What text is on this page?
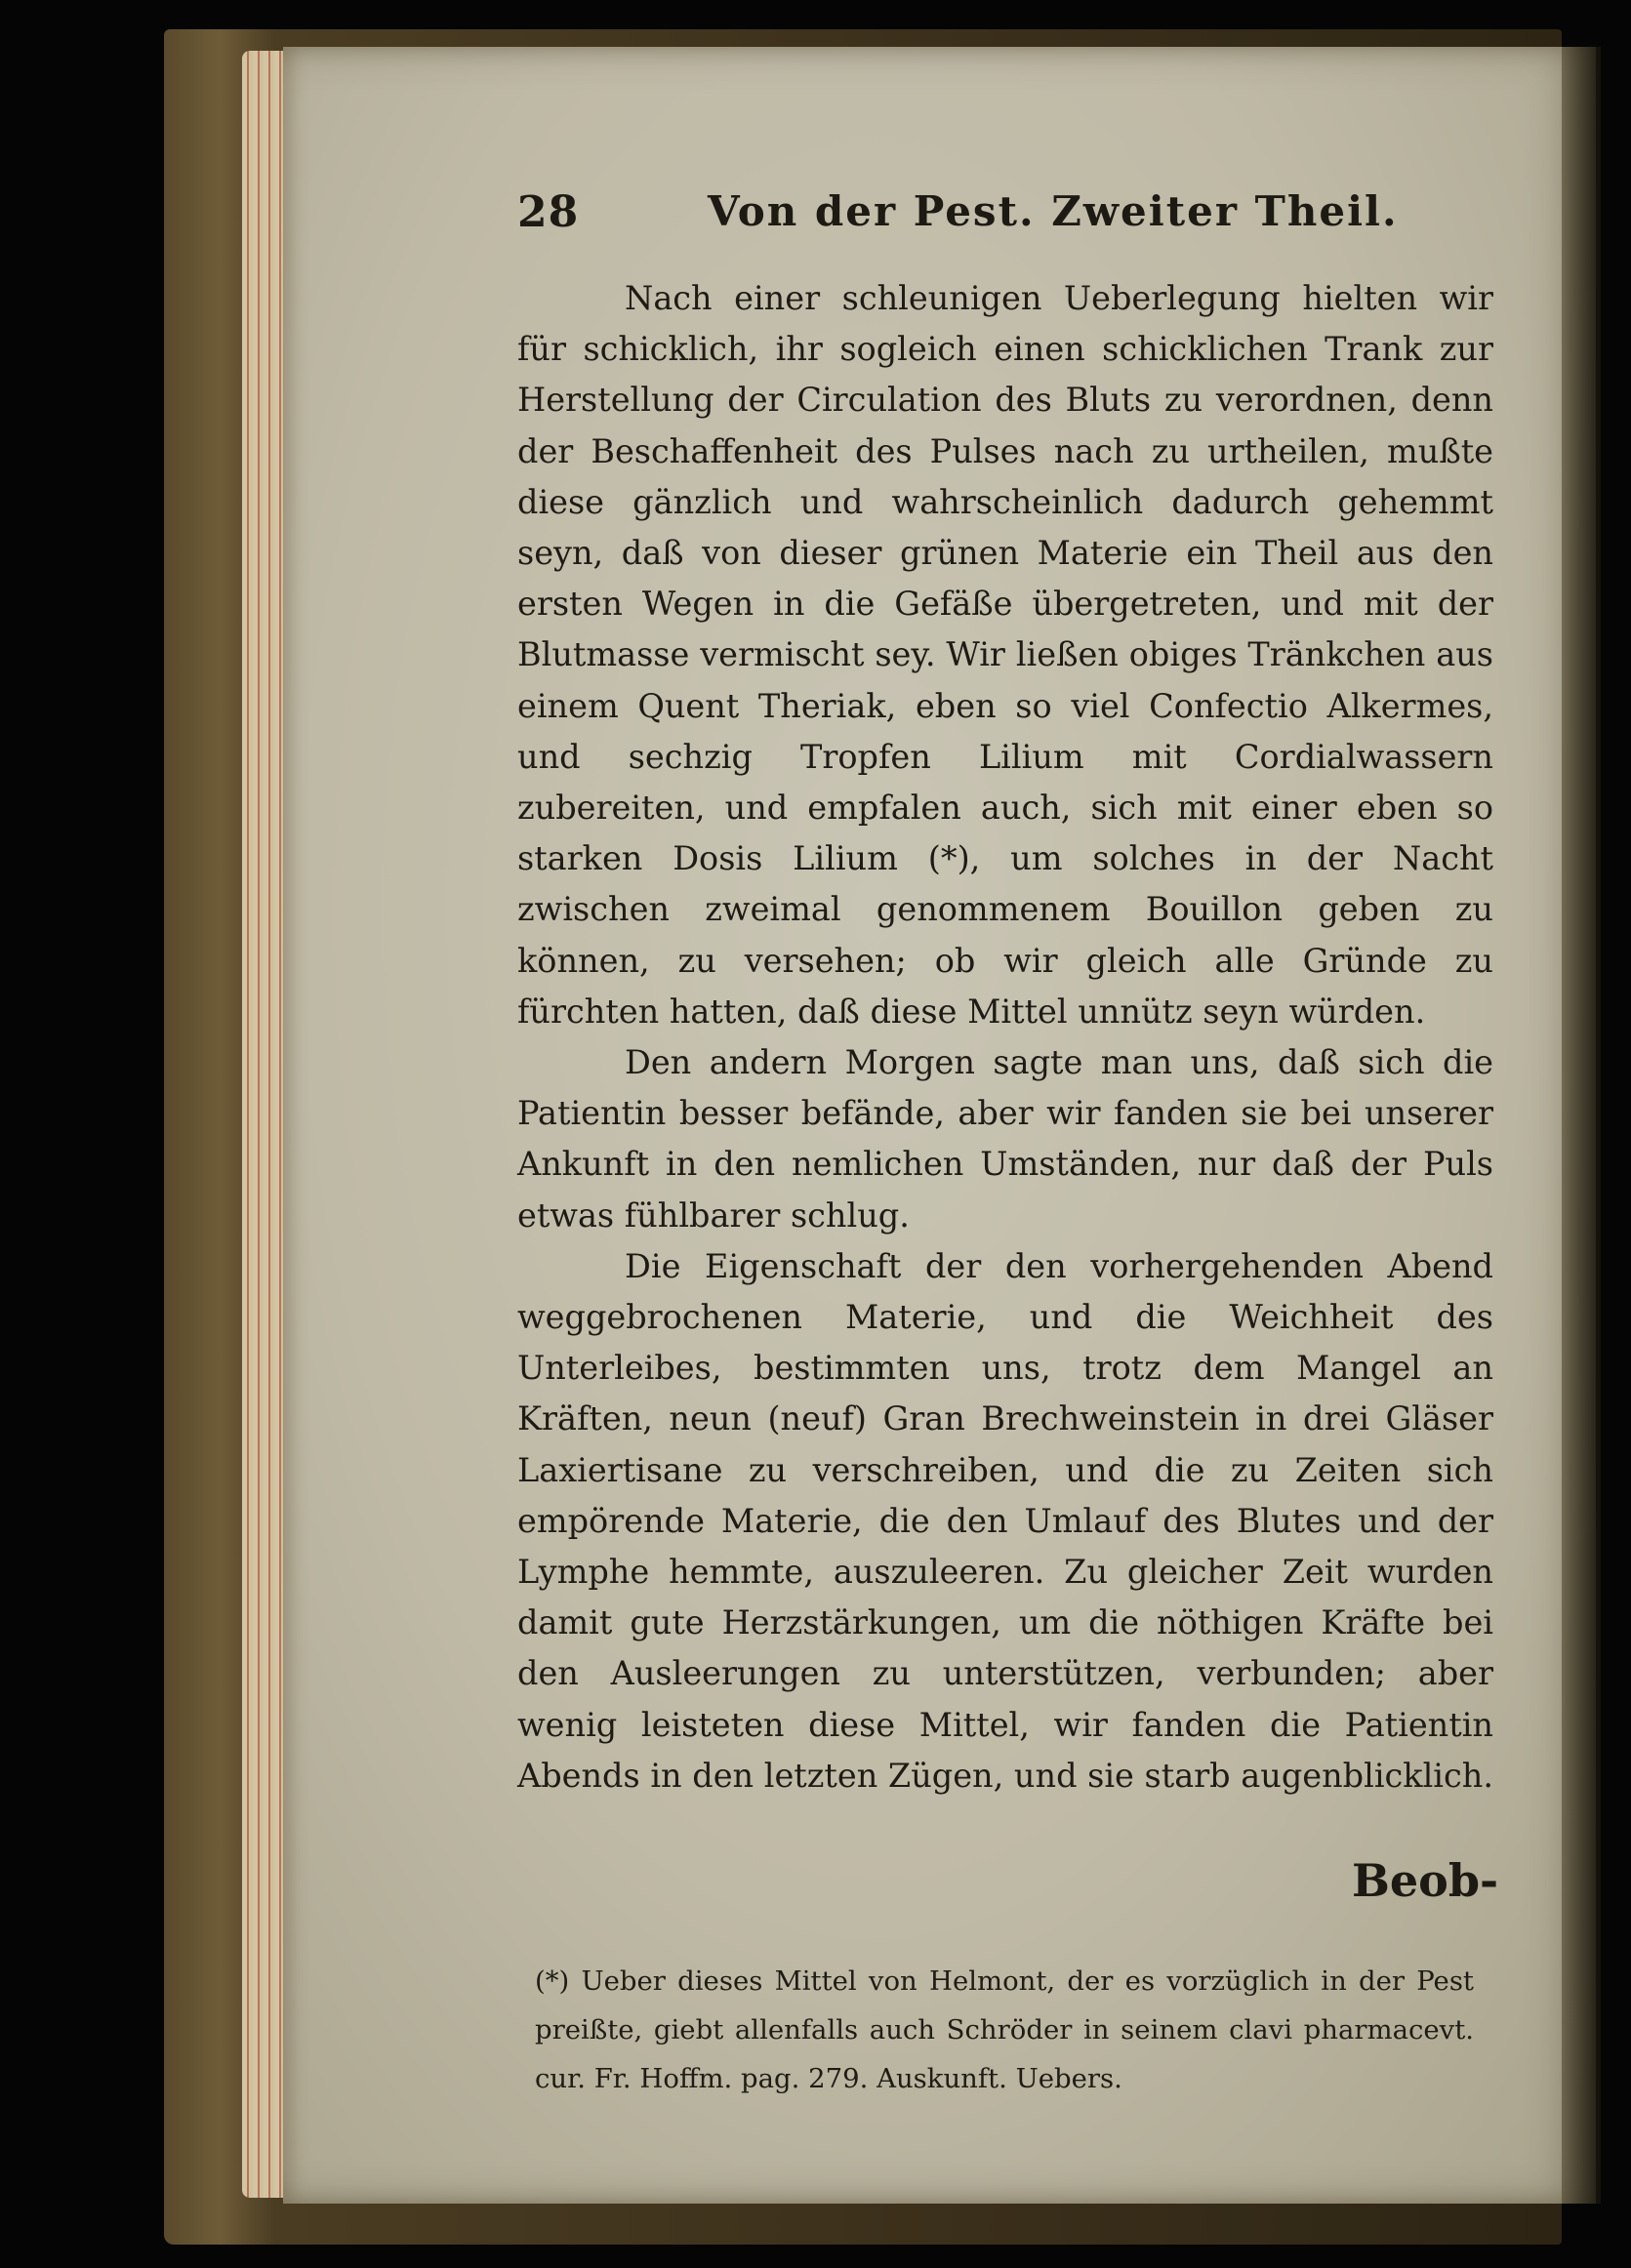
28	Von der Pest. Zweiter Theil.

Nach einer schleunigen Ueberlegung hielten wir für schicklich, ihr sogleich einen schicklichen Trank zur Herstellung der Circulation des Bluts zu verordnen, denn der Beschaffenheit des Pulses nach zu urtheilen, mußte diese gänzlich und wahrscheinlich dadurch gehemmt seyn, daß von dieser grünen Materie ein Theil aus den ersten Wegen in die Gefäße übergetreten, und mit der Blutmasse vermischt sey. Wir ließen obiges Tränkchen aus einem Quent Theriak, eben so viel Confectio Alkermes, und sechzig Tropfen Lilium mit Cordialwassern zubereiten, und empfalen auch, sich mit einer eben so starken Dosis Lilium (*), um solches in der Nacht zwischen zweimal genommenem Bouillon geben zu können, zu versehen; ob wir gleich alle Gründe zu fürchten hatten, daß diese Mittel unnütz seyn würden.

Den andern Morgen sagte man uns, daß sich die Patientin besser befände, aber wir fanden sie bei unserer Ankunft in den nemlichen Umständen, nur daß der Puls etwas fühlbarer schlug.

Die Eigenschaft der den vorhergehenden Abend weggebrochenen Materie, und die Weichheit des Unterleibes, bestimmten uns, trotz dem Mangel an Kräften, neun (neuf) Gran Brechweinstein in drei Gläser Laxiertisane zu verschreiben, und die zu Zeiten sich empörende Materie, die den Umlauf des Blutes und der Lymphe hemmte, auszuleeren. Zu gleicher Zeit wurden damit gute Herzstärkungen, um die nöthigen Kräfte bei den Ausleerungen zu unterstützen, verbunden; aber wenig leisteten diese Mittel, wir fanden die Patientin Abends in den letzten Zügen, und sie starb augenblicklich.

Beob-
(*) Ueber dieses Mittel von Helmont, der es vorzüglich in der Pest preißte, giebt allenfalls auch Schröder in seinem clavi pharmacevt. cur. Fr. Hoffm. pag. 279. Auskunft. Uebers.
